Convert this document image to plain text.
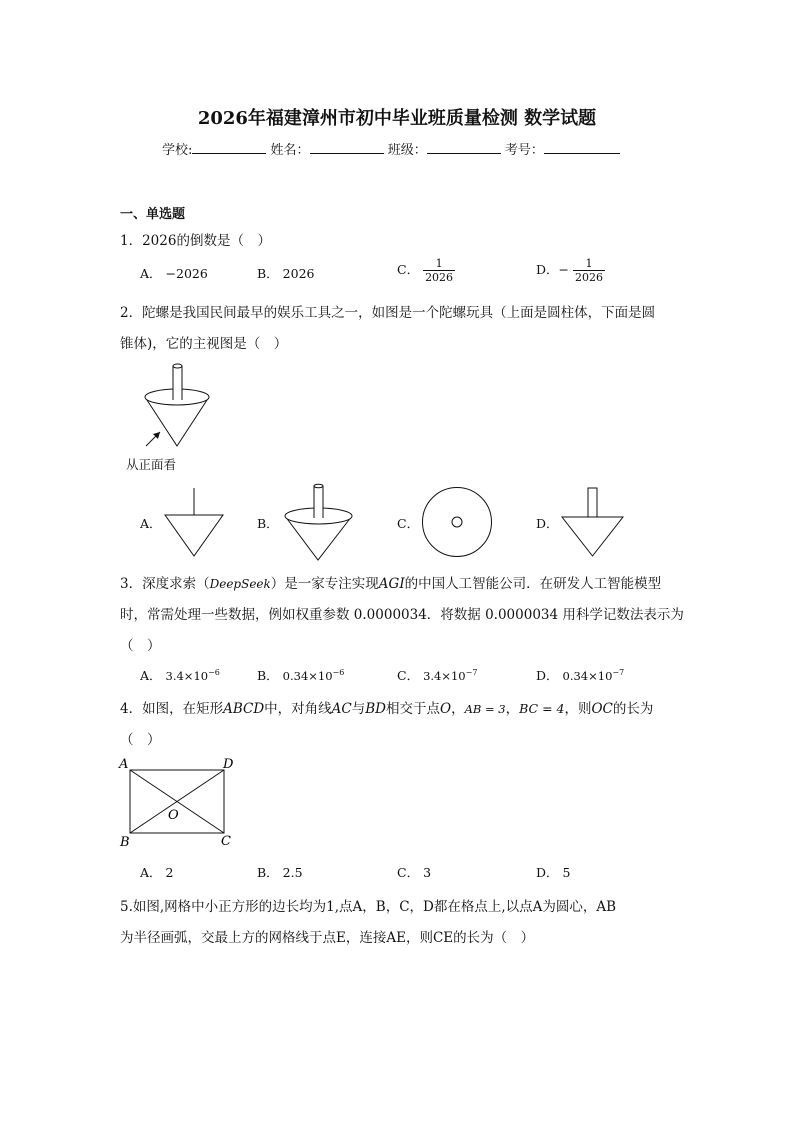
2026年福建漳州市初中毕业班质量检测 数学试题
学校:	姓名：	班级：	考号：
一、单选题
1．2026的倒数是（　）
A． −2026	B． 2026	C． $\frac{1}{2026}$	D．− $\frac{1}{2026}$
2．陀螺是我国民间最早的娱乐工具之一，如图是一个陀螺玩具（上面是圆柱体，下面是圆
锥体)，它的主视图是（　）
从正面看
A．	B．	C．	D．
3．深度求索（DeepSeek）是一家专注实现AGI的中国人工智能公司．在研发人工智能模型
时，常需处理一些数据，例如权重参数 0.0000034．将数据 0.0000034 用科学记数法表示为
（　）
A． $3.4\times 10^{-6}$	B． $0.34\times 10^{-6}$	C． $3.4\times 10^{-7}$	D． $0.34\times 10^{-7}$
4．如图，在矩形ABCD中，对角线AC与BD相交于点O，AB = 3，BC = 4，则OC的长为
（　）
A	D
B	C
O
A． 2	B． 2.5	C． 3	D． 5
5.如图,网格中小正方形的边长均为1,点A，B，C，D都在格点上,以点A为圆心，AB
为半径画弧，交最上方的网格线于点E，连接AE，则CE的长为（　）
